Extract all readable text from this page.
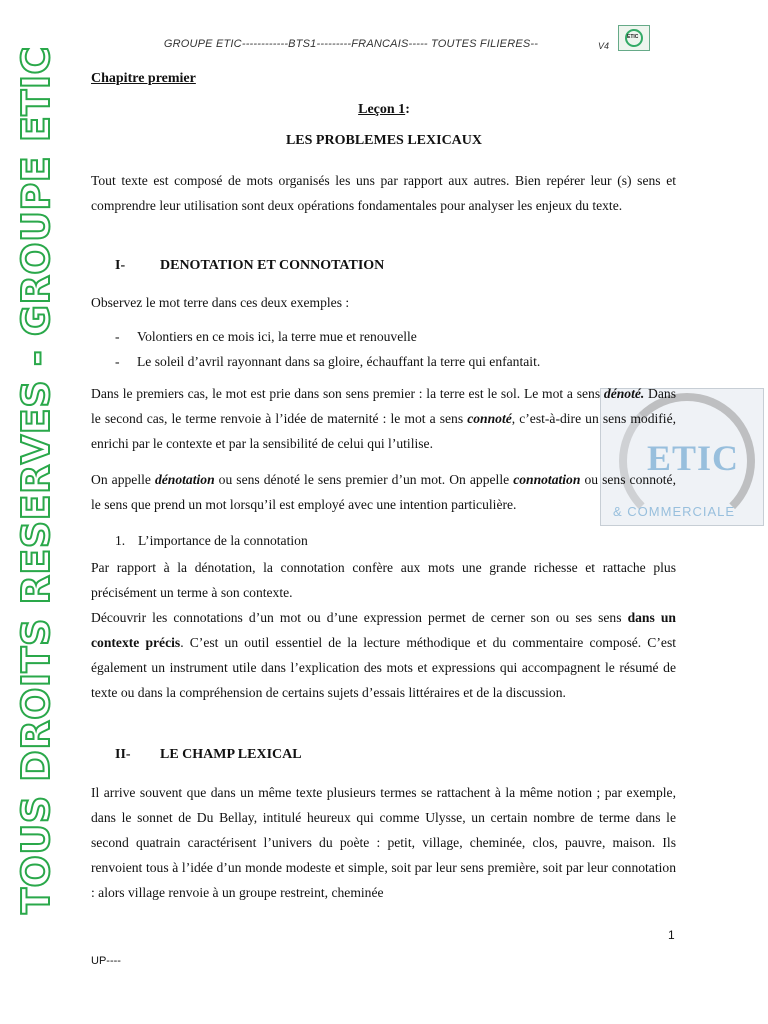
GROUPE ETIC------------BTS1---------FRANCAIS----- TOUTES FILIERES--	V4
ETIC
TOUS DROITS RESERVES - GROUPE ETIC	ETIC
& COMMERCIALE
Chapitre premier
Leçon 1:
LES PROBLEMES LEXICAUX

Tout texte est composé de mots organisés les uns par rapport aux autres. Bien repérer leur (s) sens et comprendre leur utilisation sont deux opérations fondamentales pour analyser les enjeux du texte.

I- DENOTATION ET CONNOTATION

Observez le mot terre dans ces deux exemples :

- Volontiers en ce mois ici, la terre mue et renouvelle
- Le soleil d’avril rayonnant dans sa gloire, échauffant la terre qui enfantait.

Dans le premiers cas, le mot est prie dans son sens premier : la terre est le sol. Le mot a sens dénoté. Dans le second cas, le terme renvoie à l’idée de maternité : le mot a sens connoté, c’est-à-dire un sens modifié, enrichi par le contexte et par la sensibilité de celui qui l’utilise.

On appelle dénotation ou sens dénoté le sens premier d’un mot. On appelle connotation ou sens connoté, le sens que prend un mot lorsqu’il est employé avec une intention particulière.

1. L’importance de la connotation

Par rapport à la dénotation, la connotation confère aux mots une grande richesse et rattache plus précisément un terme à son contexte.

Découvrir les connotations d’un mot ou d’une expression permet de cerner son ou ses sens dans un contexte précis. C’est un outil essentiel de la lecture méthodique et du commentaire composé. C’est également un instrument utile dans l’explication des mots et expressions qui accompagnent le résumé de texte ou dans la compréhension de certains sujets d’essais littéraires et de la discussion.

II- LE CHAMP LEXICAL

Il arrive souvent que dans un même texte plusieurs termes se rattachent à la même notion ; par exemple, dans le sonnet de Du Bellay, intitulé heureux qui comme Ulysse, un certain nombre de terme dans le second quatrain caractérisent l’univers du poète : petit, village, cheminée, clos, pauvre, maison. Ils renvoient tous à l’idée d’un monde modeste et simple, soit par leur sens première, soit par leur connotation : alors village renvoie à un groupe restreint, cheminée

1
UP----
